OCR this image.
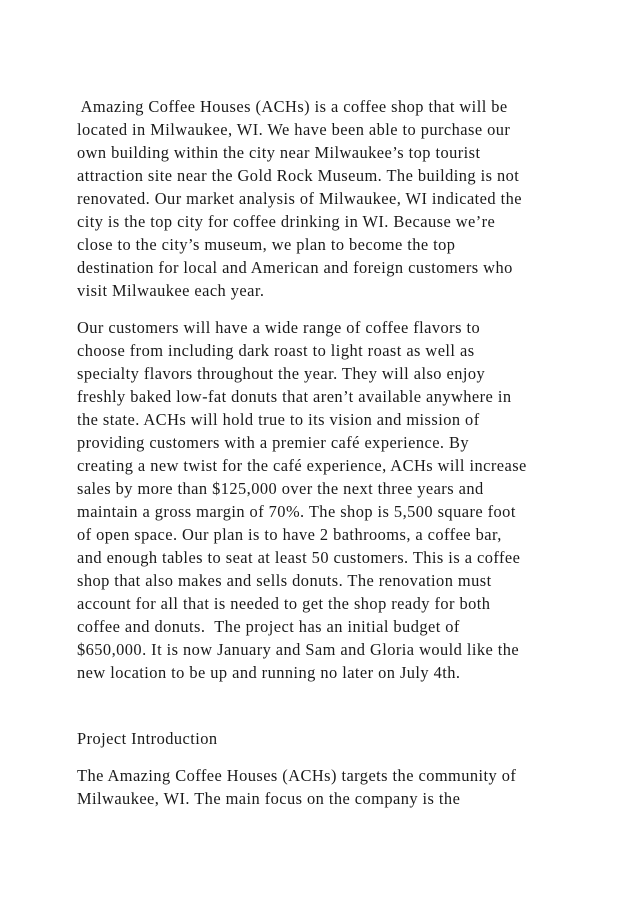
Amazing Coffee Houses (ACHs) is a coffee shop that will be

located in Milwaukee, WI. We have been able to purchase our

own building within the city near Milwaukee’s top tourist

attraction site near the Gold Rock Museum. The building is not

renovated. Our market analysis of Milwaukee, WI indicated the

city is the top city for coffee drinking in WI. Because we’re

close to the city’s museum, we plan to become the top

destination for local and American and foreign customers who

visit Milwaukee each year.

Our customers will have a wide range of coffee flavors to

choose from including dark roast to light roast as well as

specialty flavors throughout the year. They will also enjoy

freshly baked low-fat donuts that aren’t available anywhere in

the state. ACHs will hold true to its vision and mission of

providing customers with a premier café experience. By

creating a new twist for the café experience, ACHs will increase

sales by more than $125,000 over the next three years and

maintain a gross margin of 70%. The shop is 5,500 square foot

of open space. Our plan is to have 2 bathrooms, a coffee bar,

and enough tables to seat at least 50 customers. This is a coffee

shop that also makes and sells donuts. The renovation must

account for all that is needed to get the shop ready for both

coffee and donuts.  The project has an initial budget of

$650,000. It is now January and Sam and Gloria would like the

new location to be up and running no later on July 4th.

Project Introduction

The Amazing Coffee Houses (ACHs) targets the community of

Milwaukee, WI. The main focus on the company is the
